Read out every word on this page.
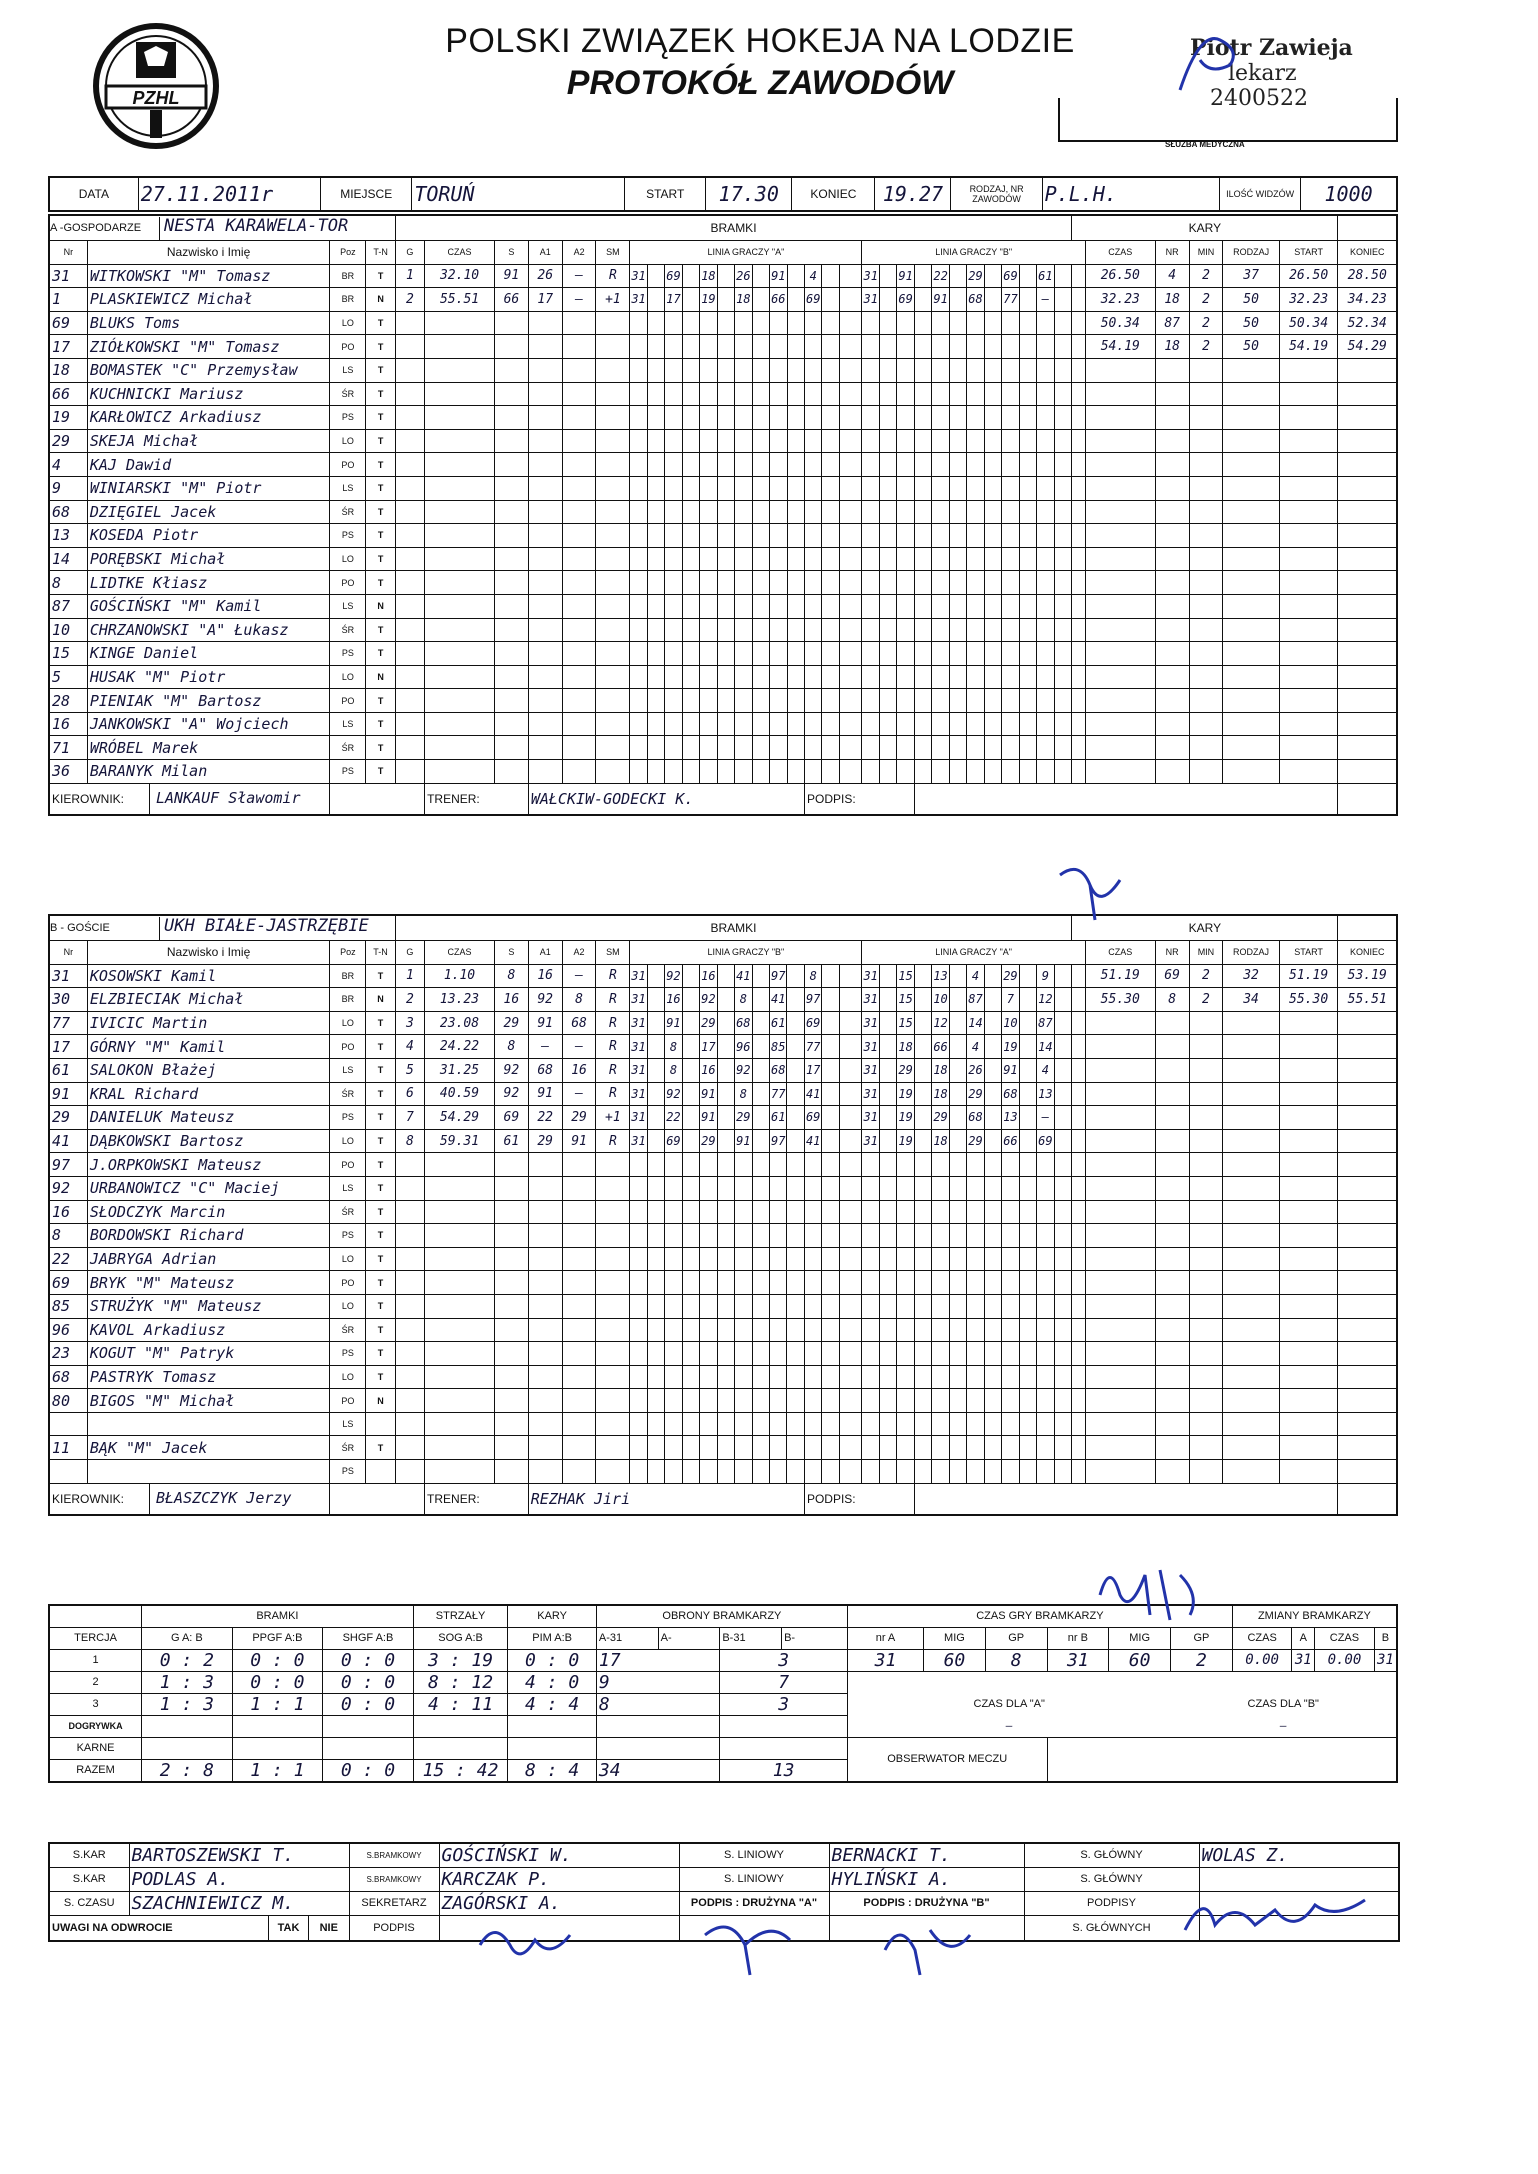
PZHL
POLSKI ZWIĄZEK HOKEJA NA LODZIE
PROTOKÓŁ ZAWODÓW
Piotr Zawieja
lekarz
2400522
SŁUŻBA MEDYCZNA
DATA	27.11.2011r	MIEJSCE	TORUŃ	START	17.30	KONIEC	19.27	RODZAJ, NR ZAWODÓW	P.L.H.	ILOŚĆ WIDZÓW	1000
A -GOSPODARZE NESTA KARAWELA-TOR				BRAMKI																															KARY						
Nr	Nazwisko i Imię	Poz	T-N	G	CZAS	S	A1	A2	SM	LINIA GRACZY "A"													LINIA GRACZY "B"													CZAS	NR	MIN	RODZAJ	START	KONIEC
31	WITKOWSKI "M" Tomasz	BR	T	1	32.10	91	26	—	R	31		69		18		26		91		4			31		91		22		29		69		61			26.50	4	2	37	26.50	28.50
1	PLASKIEWICZ Michał	BR	N	2	55.51	66	17	—	+1	31		17		19		18		66		69			31		69		91		68		77		—			32.23	18	2	50	32.23	34.23
69	BLUKS Toms	LO	T																																	50.34	87	2	50	50.34	52.34
17	ZIÓŁKOWSKI "M" Tomasz	PO	T																																	54.19	18	2	50	54.19	54.29
18	BOMASTEK "C" Przemysław	LS	T																																						
66	KUCHNICKI Mariusz	ŚR	T																																						
19	KARŁOWICZ Arkadiusz	PS	T																																						
29	SKEJA Michał	LO	T																																						
4	KAJ Dawid	PO	T																																						
9	WINIARSKI "M" Piotr	LS	T																																						
68	DZIĘGIEL Jacek	ŚR	T																																						
13	KOSEDA Piotr	PS	T																																						
14	PORĘBSKI Michał	LO	T																																						
8	LIDTKE Kłiasz	PO	T																																						
87	GOŚCIŃSKI "M" Kamil	LS	N																																						
10	CHRZANOWSKI "A" Łukasz	ŚR	T																																						
15	KINGE Daniel	PS	T																																						
5	HUSAK "M" Piotr	LO	N																																						
28	PIENIAK "M" Bartosz	PO	T																																						
16	JANKOWSKI "A" Wojciech	LS	T																																						
71	WRÓBEL Marek	ŚR	T																																						
36	BARANYK Milan	PS	T																																						
KIEROWNIK: LANKAUF Sławomir					TRENER:		WAŁCKIW-GODECKI K.													PODPIS:																					
B - GOŚCIE UKH BIAŁE-JASTRZĘBIE				BRAMKI																															KARY						
Nr	Nazwisko i Imię	Poz	T-N	G	CZAS	S	A1	A2	SM	LINIA GRACZY "B"													LINIA GRACZY "A"													CZAS	NR	MIN	RODZAJ	START	KONIEC
31	KOSOWSKI Kamil	BR	T	1	1.10	8	16	—	R	31		92		16		41		97		8			31		15		13		4		29		9			51.19	69	2	32	51.19	53.19
30	ELZBIECIAK Michał	BR	N	2	13.23	16	92	8	R	31		16		92		8		41		97			31		15		10		87		7		12			55.30	8	2	34	55.30	55.51
77	IVICIC Martin	LO	T	3	23.08	29	91	68	R	31		91		29		68		61		69			31		15		12		14		10		87								
17	GÓRNY "M" Kamil	PO	T	4	24.22	8	—	—	R	31		8		17		96		85		77			31		18		66		4		19		14								
61	SALOKON Błażej	LS	T	5	31.25	92	68	16	R	31		8		16		92		68		17			31		29		18		26		91		4								
91	KRAL Richard	ŚR	T	6	40.59	92	91	—	R	31		92		91		8		77		41			31		19		18		29		68		13								
29	DANIELUK Mateusz	PS	T	7	54.29	69	22	29	+1	31		22		91		29		61		69			31		19		29		68		13		—								
41	DĄBKOWSKI Bartosz	LO	T	8	59.31	61	29	91	R	31		69		29		91		97		41			31		19		18		29		66		69								
97	J.ORPKOWSKI Mateusz	PO	T																																						
92	URBANOWICZ "C" Maciej	LS	T																																						
16	SŁODCZYK Marcin	ŚR	T																																						
8	BORDOWSKI Richard	PS	T																																						
22	JABRYGA Adrian	LO	T																																						
69	BRYK "M" Mateusz	PO	T																																						
85	STRUŻYK "M" Mateusz	LO	T																																						
96	KAVOL Arkadiusz	ŚR	T																																						
23	KOGUT "M" Patryk	PS	T																																						
68	PASTRYK Tomasz	LO	T																																						
80	BIGOS "M" Michał	PO	N																																						
		LS																																							
11	BĄK "M" Jacek	ŚR	T																																						
		PS																																							
KIEROWNIK: BŁASZCZYK Jerzy					TRENER:		REZHAK Jiri													PODPIS:																					
	BRAMKI			STRZAŁY	KARY	OBRONY BRAMKARZY				CZAS GRY BRAMKARZY						ZMIANY BRAMKARZY			
TERCJA	G A: B	PPGF A:B	SHGF A:B	SOG A:B	PIM A:B	A-31	A-	B-31	B-	nr A	MIG	GP	nr B	MIG	GP	CZAS	A	CZAS	B
1	0 : 2	0 : 0	0 : 0	3 : 19	0 : 0	17		3		31	60	8	31	60	2	0.00	31	0.00	31
2	1 : 3	0 : 0	0 : 0	8 : 12	4 : 0	9		7											
3	1 : 3	1 : 1	0 : 0	4 : 11	4 : 4	8		3		CZAS DLA "A"					CZAS DLA "B"				
DOGRYWKA										—					—				
KARNE										OBSERWATOR MECZU									
RAZEM	2 : 8	1 : 1	0 : 0	15 : 42	8 : 4	34		13											
S.KAR	BARTOSZEWSKI T.	S.BRAMKOWY	GOŚCIŃSKI W.	S. LINIOWY	BERNACKI T.	S. GŁÓWNY	WOLAS Z.
S.KAR	PODLAS A.	S.BRAMKOWY	KARCZAK P.	S. LINIOWY	HYLIŃSKI A.	S. GŁÓWNY	
S. CZASU	SZACHNIEWICZ M.	SEKRETARZ	ZAGÓRSKI A.	PODPIS : DRUŻYNA "A"	PODPIS : DRUŻYNA "B"	PODPISY	

UWAGI NA ODWROCIE	TAK	NIE
		PODPIS				S. GŁÓWNYCH	
